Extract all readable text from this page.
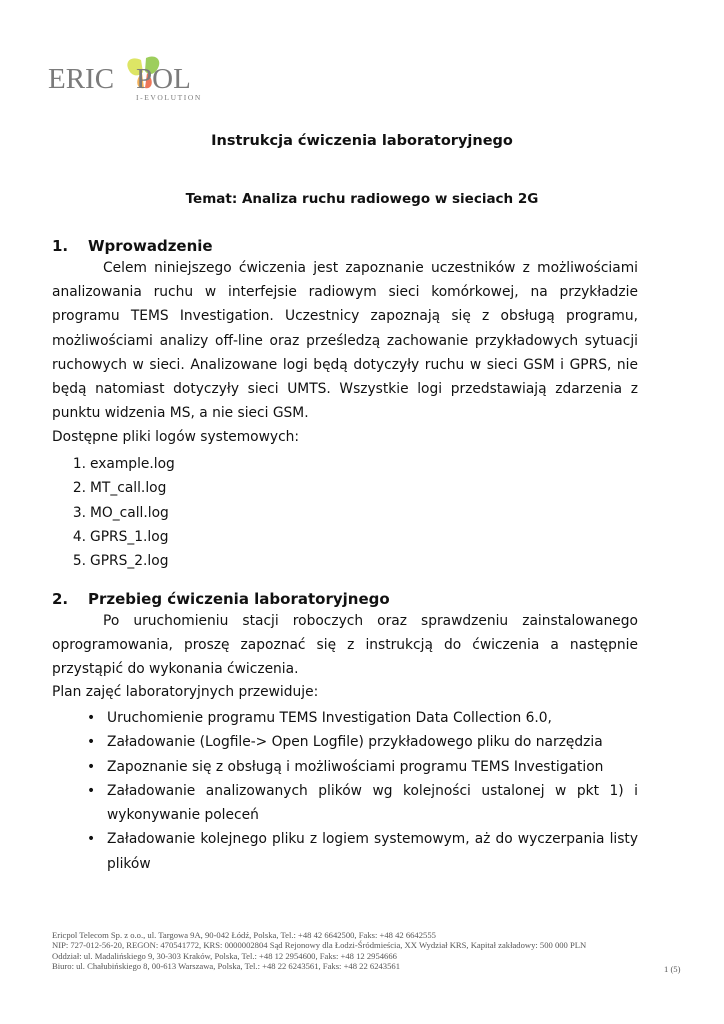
ERIC POL
I-EVOLUTION
Instrukcja ćwiczenia laboratoryjnego
Temat: Analiza ruchu radiowego w sieciach 2G
1. Wprowadzenie

Celem niniejszego ćwiczenia jest zapoznanie uczestników z możliwościami analizowania ruchu w interfejsie radiowym sieci komórkowej, na przykładzie programu TEMS Investigation. Uczestnicy zapoznają się z obsługą programu, możliwościami analizy off-line oraz prześledzą zachowanie przykładowych sytuacji ruchowych w sieci. Analizowane logi będą dotyczyły ruchu w sieci GSM i GPRS, nie będą natomiast dotyczyły sieci UMTS. Wszystkie logi przedstawiają zdarzenia z punktu widzenia MS, a nie sieci GSM.

Dostępne pliki logów systemowych:

1. example.log
2. MT_call.log
3. MO_call.log
4. GPRS_1.log
5. GPRS_2.log
2. Przebieg ćwiczenia laboratoryjnego

Po uruchomieniu stacji roboczych oraz sprawdzeniu zainstalowanego oprogramowania, proszę zapoznać się z instrukcją do ćwiczenia a następnie przystąpić do wykonania ćwiczenia.

Plan zajęć laboratoryjnych przewiduje:

• Uruchomienie programu TEMS Investigation Data Collection 6.0,
• Załadowanie (Logfile-> Open Logfile) przykładowego pliku do narzędzia
• Zapoznanie się z obsługą i możliwościami programu TEMS Investigation
• Załadowanie analizowanych plików wg kolejności ustalonej w pkt 1) i wykonywanie poleceń
• Załadowanie kolejnego pliku z logiem systemowym, aż do wyczerpania listy plików
Ericpol Telecom Sp. z o.o., ul. Targowa 9A, 90-042 Łódź, Polska, Tel.: +48 42 6642500, Faks: +48 42 6642555
NIP: 727-012-56-20, REGON: 470541772, KRS: 0000002804 Sąd Rejonowy dla Łodzi-Śródmieścia, XX Wydział KRS, Kapitał zakładowy: 500 000 PLN
Oddział: ul. Madalińskiego 9, 30-303 Kraków, Polska, Tel.: +48 12 2954600, Faks: +48 12 2954666
Biuro: ul. Chałubińskiego 8, 00-613 Warszawa, Polska, Tel.: +48 22 6243561, Faks: +48 22 6243561	1 (5)
